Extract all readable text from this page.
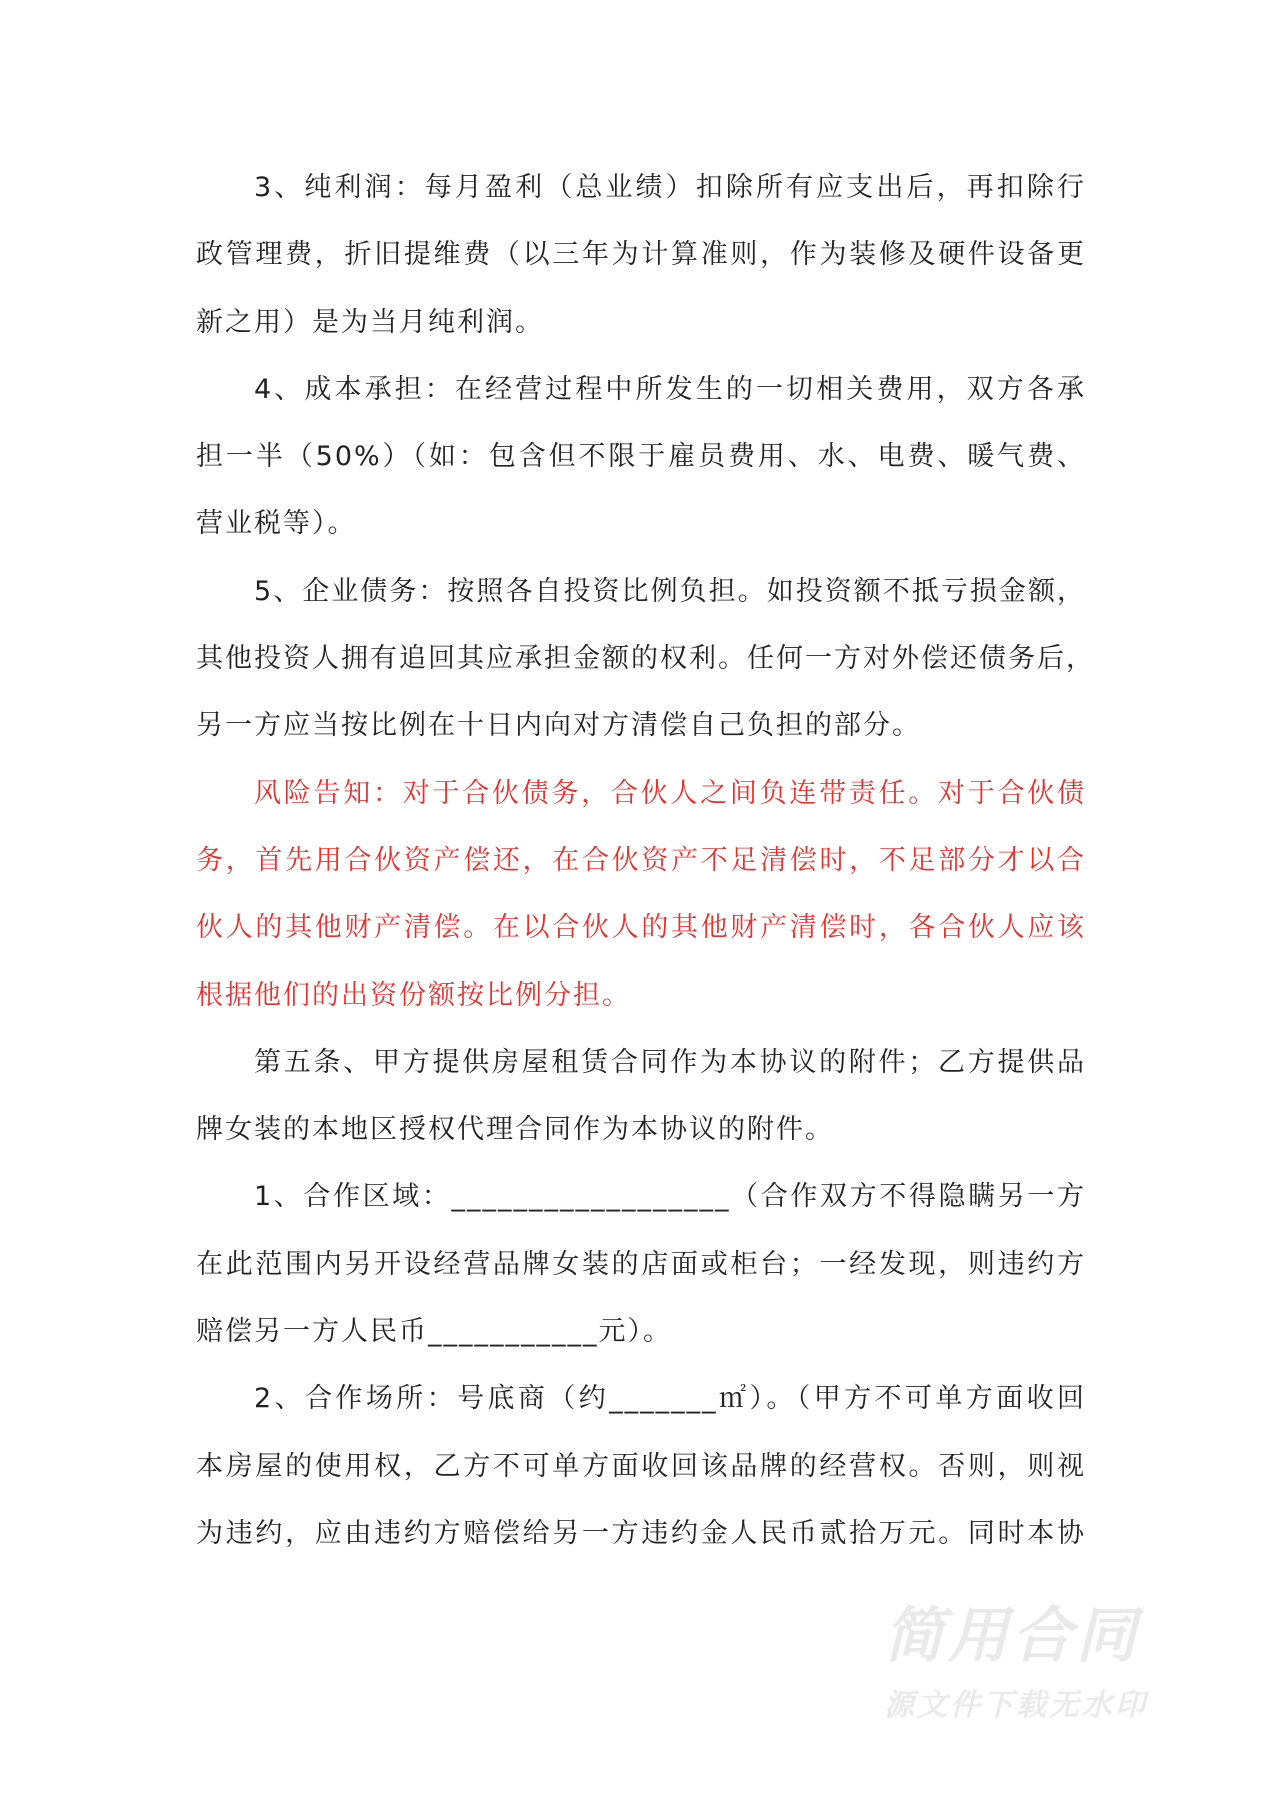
3、纯利润：每月盈利（总业绩）扣除所有应支出后，再扣除行
政管理费，折旧提维费（以三年为计算准则，作为装修及硬件设备更
新之用）是为当月纯利润。
4、成本承担：在经营过程中所发生的一切相关费用，双方各承
担一半（50%）（如：包含但不限于雇员费用、水、电费、暖气费、
营业税等）。
5、企业债务：按照各自投资比例负担。如投资额不抵亏损金额，
其他投资人拥有追回其应承担金额的权利。任何一方对外偿还债务后，
另一方应当按比例在十日内向对方清偿自己负担的部分。
风险告知：对于合伙债务，合伙人之间负连带责任。对于合伙债
务，首先用合伙资产偿还，在合伙资产不足清偿时，不足部分才以合
伙人的其他财产清偿。在以合伙人的其他财产清偿时，各合伙人应该
根据他们的出资份额按比例分担。
第五条、甲方提供房屋租赁合同作为本协议的附件；乙方提供品
牌女装的本地区授权代理合同作为本协议的附件。
1、合作区域：__________________（合作双方不得隐瞒另一方
在此范围内另开设经营品牌女装的店面或柜台；一经发现，则违约方
赔偿另一方人民币___________元）。
2、合作场所：号底商（约_______㎡）。（甲方不可单方面收回
本房屋的使用权，乙方不可单方面收回该品牌的经营权。否则，则视
为违约，应由违约方赔偿给另一方违约金人民币贰拾万元。同时本协
简用合同
源文件下载无水印
